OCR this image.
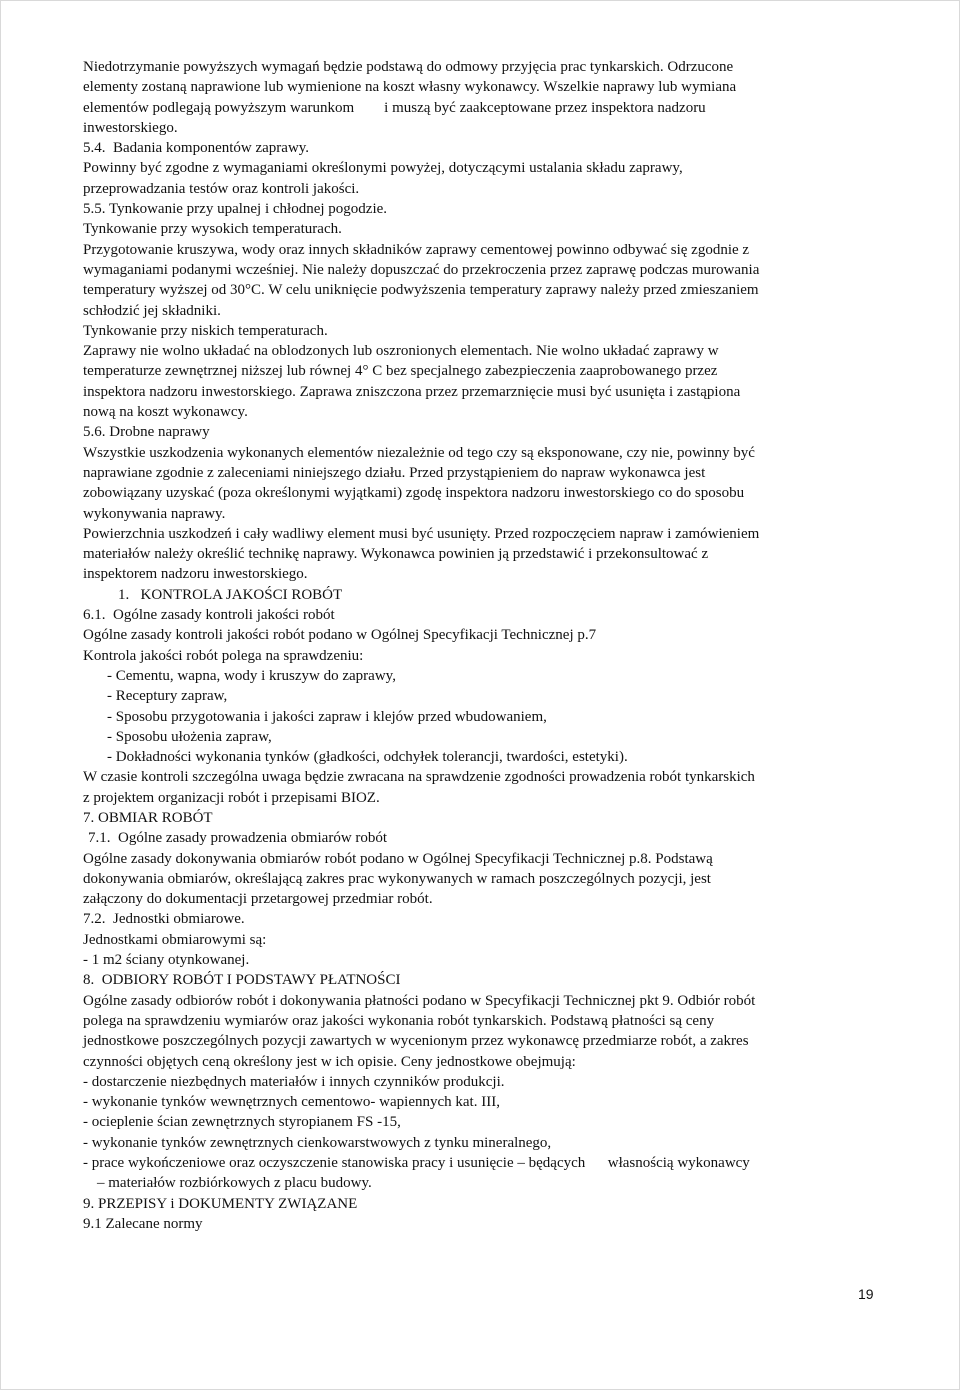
Niedotrzymanie powyższych wymagań będzie podstawą do odmowy przyjęcia prac tynkarskich. Odrzucone
elementy zostaną naprawione lub wymienione na koszt własny wykonawcy. Wszelkie naprawy lub wymiana
elementów podlegają powyższym warunkom        i muszą być zaakceptowane przez inspektora nadzoru
inwestorskiego.
5.4.  Badania komponentów zaprawy.
Powinny być zgodne z wymaganiami określonymi powyżej, dotyczącymi ustalania składu zaprawy,
przeprowadzania testów oraz kontroli jakości.
5.5. Tynkowanie przy upalnej i chłodnej pogodzie.
Tynkowanie przy wysokich temperaturach.
Przygotowanie kruszywa, wody oraz innych składników zaprawy cementowej powinno odbywać się zgodnie z
wymaganiami podanymi wcześniej. Nie należy dopuszczać do przekroczenia przez zaprawę podczas murowania
temperatury wyższej od 30°C. W celu uniknięcie podwyższenia temperatury zaprawy należy przed zmieszaniem
schłodzić jej składniki.
Tynkowanie przy niskich temperaturach.
Zaprawy nie wolno układać na oblodzonych lub oszronionych elementach. Nie wolno układać zaprawy w
temperaturze zewnętrznej niższej lub równej 4° C bez specjalnego zabezpieczenia zaaprobowanego przez
inspektora nadzoru inwestorskiego. Zaprawa zniszczona przez przemarznięcie musi być usunięta i zastąpiona
nową na koszt wykonawcy.
5.6. Drobne naprawy
Wszystkie uszkodzenia wykonanych elementów niezależnie od tego czy są eksponowane, czy nie, powinny być
naprawiane zgodnie z zaleceniami niniejszego działu. Przed przystąpieniem do napraw wykonawca jest
zobowiązany uzyskać (poza określonymi wyjątkami) zgodę inspektora nadzoru inwestorskiego co do sposobu
wykonywania naprawy.
Powierzchnia uszkodzeń i cały wadliwy element musi być usunięty. Przed rozpoczęciem napraw i zamówieniem
materiałów należy określić technikę naprawy. Wykonawca powinien ją przedstawić i przekonsultować z
inspektorem nadzoru inwestorskiego.
1.   KONTROLA JAKOŚCI ROBÓT
6.1.  Ogólne zasady kontroli jakości robót
Ogólne zasady kontroli jakości robót podano w Ogólnej Specyfikacji Technicznej p.7
Kontrola jakości robót polega na sprawdzeniu:
- Cementu, wapna, wody i kruszyw do zaprawy,
- Receptury zapraw,
- Sposobu przygotowania i jakości zapraw i klejów przed wbudowaniem,
- Sposobu ułożenia zapraw,
- Dokładności wykonania tynków (gładkości, odchyłek tolerancji, twardości, estetyki).
W czasie kontroli szczególna uwaga będzie zwracana na sprawdzenie zgodności prowadzenia robót tynkarskich
z projektem organizacji robót i przepisami BIOZ.
7. OBMIAR ROBÓT
7.1.  Ogólne zasady prowadzenia obmiarów robót
Ogólne zasady dokonywania obmiarów robót podano w Ogólnej Specyfikacji Technicznej p.8. Podstawą
dokonywania obmiarów, określającą zakres prac wykonywanych w ramach poszczególnych pozycji, jest
załączony do dokumentacji przetargowej przedmiar robót.
7.2.  Jednostki obmiarowe.
Jednostkami obmiarowymi są:
- 1 m2 ściany otynkowanej.
8.  ODBIORY ROBÓT I PODSTAWY PŁATNOŚCI
Ogólne zasady odbiorów robót i dokonywania płatności podano w Specyfikacji Technicznej pkt 9. Odbiór robót
polega na sprawdzeniu wymiarów oraz jakości wykonania robót tynkarskich. Podstawą płatności są ceny
jednostkowe poszczególnych pozycji zawartych w wycenionym przez wykonawcę przedmiarze robót, a zakres
czynności objętych ceną określony jest w ich opisie. Ceny jednostkowe obejmują:
- dostarczenie niezbędnych materiałów i innych czynników produkcji.
- wykonanie tynków wewnętrznych cementowo- wapiennych kat. III,
- ocieplenie ścian zewnętrznych styropianem FS -15,
- wykonanie tynków zewnętrznych cienkowarstwowych z tynku mineralnego,
- prace wykończeniowe oraz oczyszczenie stanowiska pracy i usunięcie – będących      własnością wykonawcy
– materiałów rozbiórkowych z placu budowy.
9. PRZEPISY i DOKUMENTY ZWIĄZANE
9.1 Zalecane normy
19
